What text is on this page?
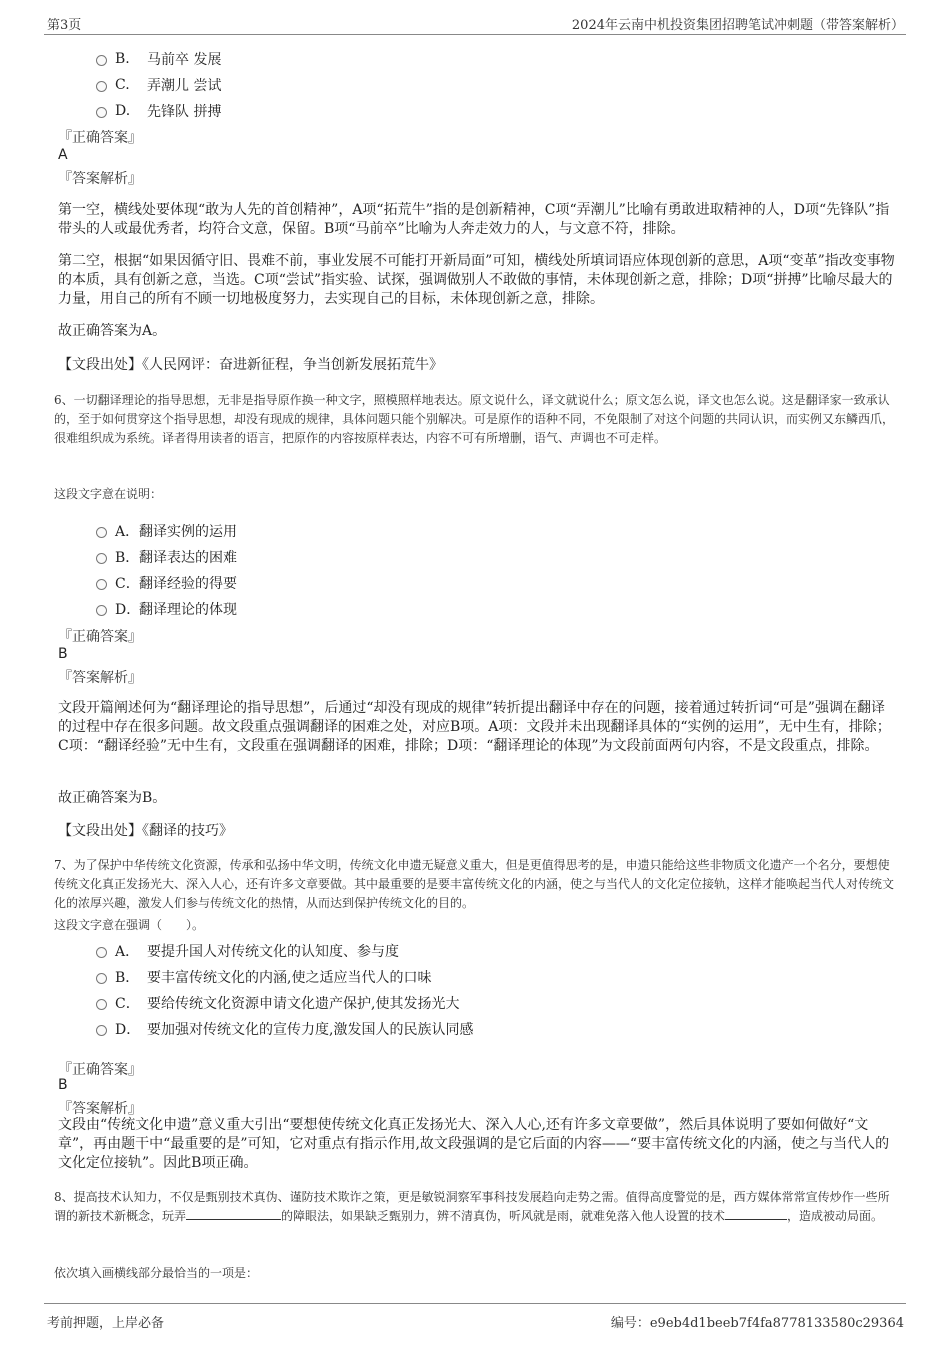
第3页	2024年云南中机投资集团招聘笔试冲刺题（带答案解析）
B.	马前卒 发展
C.	弄潮儿 尝试
D.	先锋队 拼搏
『正确答案』
A
『答案解析』
第一空，横线处要体现“敢为人先的首创精神”，A项“拓荒牛”指的是创新精神，C项“弄潮儿”比喻有勇敢进取精神的人，D项“先锋队”指带头的人或最优秀者，均符合文意，保留。B项“马前卒”比喻为人奔走效力的人，与文意不符，排除。
第二空，根据“如果因循守旧、畏难不前，事业发展不可能打开新局面”可知，横线处所填词语应体现创新的意思，A项“变革”指改变事物的本质，具有创新之意，当选。C项“尝试”指实验、试探，强调做别人不敢做的事情，未体现创新之意，排除；D项“拼搏”比喻尽最大的力量，用自己的所有不顾一切地极度努力，去实现自己的目标，未体现创新之意，排除。
故正确答案为A。
【文段出处】《人民网评：奋进新征程，争当创新发展拓荒牛》
6、一切翻译理论的指导思想，无非是指导原作换一种文字，照模照样地表达。原文说什么，译文就说什么；原文怎么说，译文也怎么说。这是翻译家一致承认的，至于如何贯穿这个指导思想，却没有现成的规律，具体问题只能个别解决。可是原作的语种不同，不免限制了对这个问题的共同认识，而实例又东鳞西爪，很难组织成为系统。译者得用读者的语言，把原作的内容按原样表达，内容不可有所增删，语气、声调也不可走样。
这段文字意在说明：
A． 翻译实例的运用
B． 翻译表达的困难
C． 翻译经验的得要
D．
翻译理论的体现
『正确答案』
B
『答案解析』
文段开篇阐述何为“翻译理论的指导思想”，后通过“却没有现成的规律”转折提出翻译中存在的问题，接着通过转折词“可是”强调在翻译的过程中存在很多问题。故文段重点强调翻译的困难之处，对应B项。A项：文段并未出现翻译具体的“实例的运用”，无中生有，排除；C项：“翻译经验”无中生有，文段重在强调翻译的困难，排除；D项：“翻译理论的体现”为文段前面两句内容，不是文段重点，排除。
故正确答案为B。
【文段出处】《翻译的技巧》
7、为了保护中华传统文化资源，传承和弘扬中华文明，传统文化申遗无疑意义重大，但是更值得思考的是，申遗只能给这些非物质文化遗产一个名分，要想使传统文化真正发扬光大、深入人心，还有许多文章要做。其中最重要的是要丰富传统文化的内涵，使之与当代人的文化定位接轨，这样才能唤起当代人对传统文化的浓厚兴趣，激发人们参与传统文化的热情，从而达到保护传统文化的目的。
这段文字意在强调（　　）。
A． 要提升国人对传统文化的认知度、参与度
B． 要丰富传统文化的内涵,使之适应当代人的口味
C． 要给传统文化资源申请文化遗产保护,使其发扬光大
D． 要加强对传统文化的宣传力度,激发国人的民族认同感
『正确答案』
B
『答案解析』
文段由“传统文化申遗”意义重大引出“要想使传统文化真正发扬光大、深入人心,还有许多文章要做”，然后具体说明了要如何做好“文章”，再由题干中“最重要的是”可知，它对重点有指示作用,故文段强调的是它后面的内容——“要丰富传统文化的内涵，使之与当代人的文化定位接轨”。因此B项正确。
8、提高技术认知力，不仅是甄别技术真伪、谨防技术欺诈之策，更是敏锐洞察军事科技发展趋向走势之需。值得高度警觉的是，西方媒体常常宣传炒作一些所谓的新技术新概念，玩弄	的障眼法，如果缺乏甄别力，辨不清真伪，听风就是雨，就难免落入他人设置的技术	，造成被动局面。
依次填入画横线部分最恰当的一项是：
考前押题，上岸必备	编号：e9eb4d1beeb7f4fa8778133580c29364
